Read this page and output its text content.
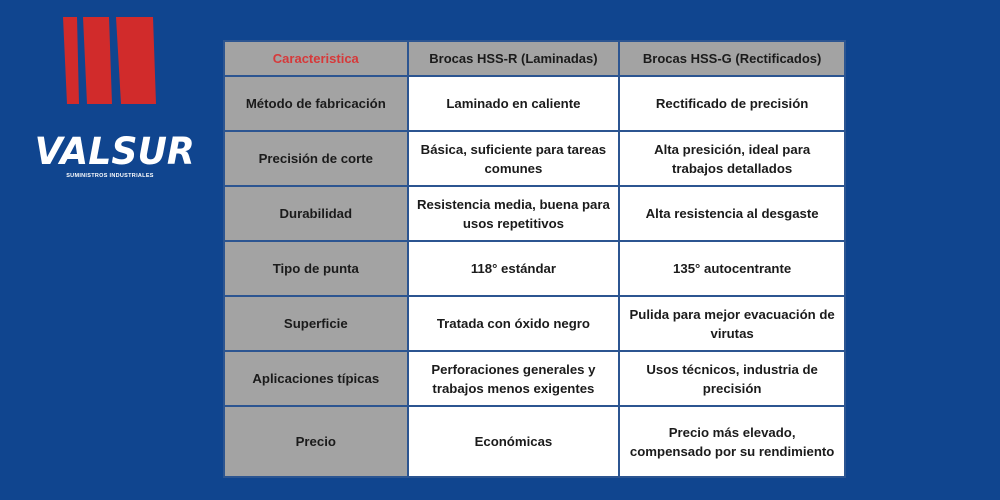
VALSUR
SUMINISTROS INDUSTRIALES
Caracteristica	Brocas HSS-R (Laminadas)	Brocas HSS-G (Rectificados)
Método de fabricación	Laminado en caliente	Rectificado de precisión
Precisión de corte	Básica, suficiente para tareas comunes	Alta presición, ideal para trabajos detallados
Durabilidad	Resistencia media, buena para usos repetitivos	Alta resistencia al desgaste
Tipo de punta	118° estándar	135° autocentrante
Superficie	Tratada con óxido negro	Pulida para mejor evacuación de virutas
Aplicaciones típicas	Perforaciones generales y trabajos menos exigentes	Usos técnicos, industria de precisión
Precio	Económicas	Precio más elevado, compensado por su rendimiento
